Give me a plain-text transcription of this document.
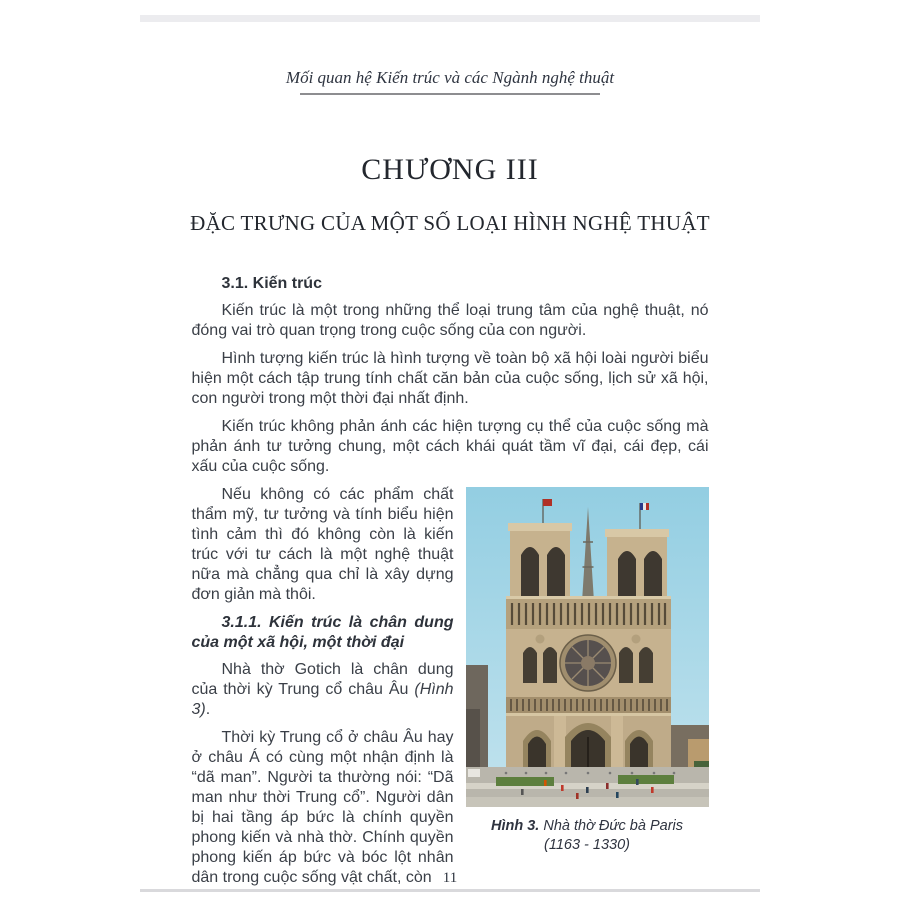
Mối quan hệ Kiến trúc và các Ngành nghệ thuật
CHƯƠNG III
ĐẶC TRƯNG CỦA MỘT SỐ LOẠI HÌNH NGHỆ THUẬT
3.1. Kiến trúc

Kiến trúc là một trong những thể loại trung tâm của nghệ thuật, nó đóng vai trò quan trọng trong cuộc sống của con người.

Hình tượng kiến trúc là hình tượng về toàn bộ xã hội loài người biểu hiện một cách tập trung tính chất căn bản của cuộc sống, lịch sử xã hội, con người trong một thời đại nhất định.

Kiến trúc không phản ánh các hiện tượng cụ thể của cuộc sống mà phản ánh tư tưởng chung, một cách khái quát tầm vĩ đại, cái đẹp, cái xấu của cuộc sống.

Hình 3. Nhà thờ Đức bà Paris
(1163 - 1330)

Nếu không có các phẩm chất thẩm mỹ, tư tưởng và tính biểu hiện tình cảm thì đó không còn là kiến trúc với tư cách là một nghệ thuật nữa mà chẳng qua chỉ là xây dựng đơn giản mà thôi.

3.1.1. Kiến trúc là chân dung của một xã hội, một thời đại

Nhà thờ Gotich là chân dung của thời kỳ Trung cổ châu Âu (Hình 3).

Thời kỳ Trung cổ ở châu Âu hay ở châu Á có cùng một nhận định là “dã man”. Người ta thường nói: “Dã man như thời Trung cổ”. Người dân bị hai tầng áp bức là chính quyền phong kiến và nhà thờ. Chính quyền phong kiến áp bức và bóc lột nhân dân trong cuộc sống vật chất, còn 11
